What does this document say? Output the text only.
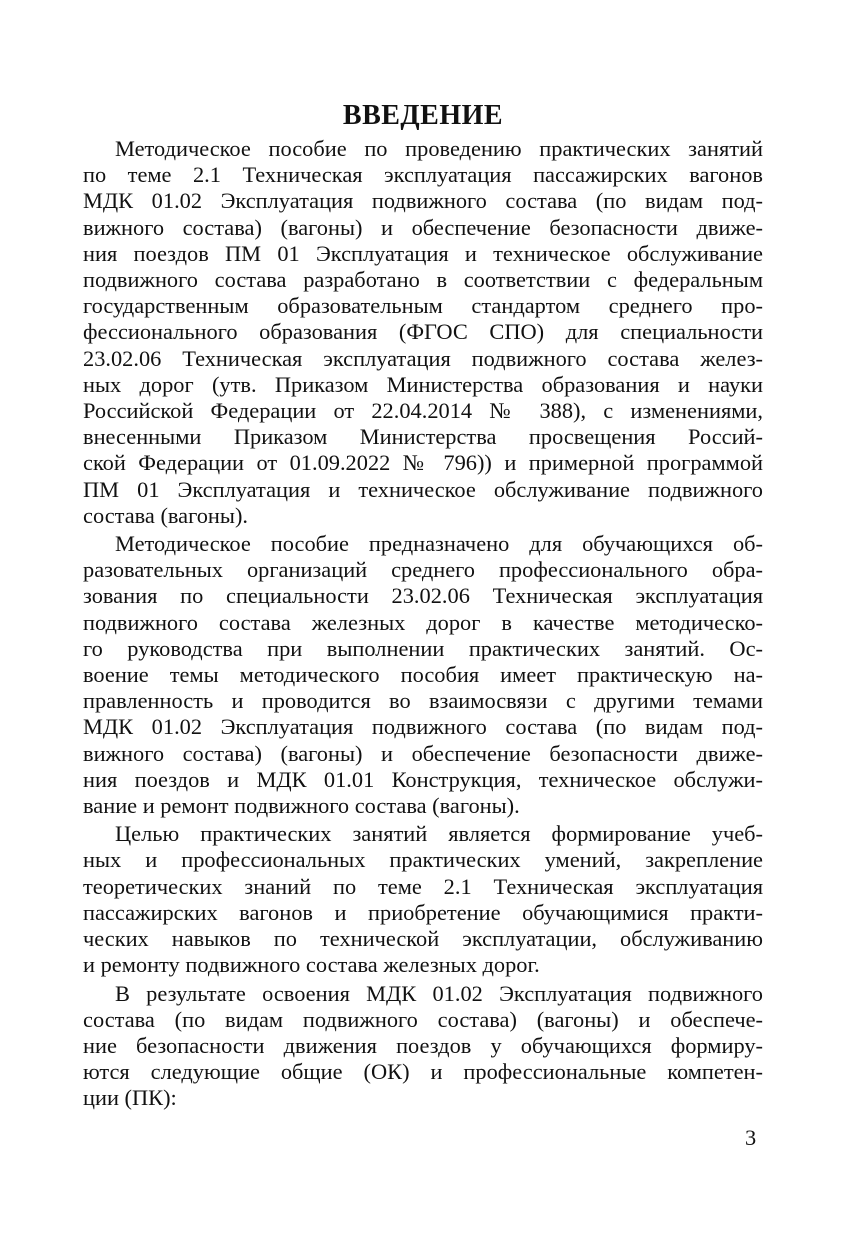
ВВЕДЕНИЕ
Методическое пособие по проведению практических занятий
по теме 2.1 Техническая эксплуатация пассажирских вагонов
МДК 01.02 Эксплуатация подвижного состава (по видам под-
вижного состава) (вагоны) и обеспечение безопасности движе-
ния поездов ПМ 01 Эксплуатация и техническое обслуживание
подвижного состава разработано в соответствии с федеральным
государственным образовательным стандартом среднего про-
фессионального образования (ФГОС СПО) для специальности
23.02.06 Техническая эксплуатация подвижного состава желез-
ных дорог (утв. Приказом Министерства образования и науки
Российской Федерации от 22.04.2014 № 388), с изменениями,
внесенными Приказом Министерства просвещения Россий-
ской Федерации от 01.09.2022 № 796)) и примерной программой
ПМ 01 Эксплуатация и техническое обслуживание подвижного
состава (вагоны).
Методическое пособие предназначено для обучающихся об-
разовательных организаций среднего профессионального обра-
зования по специальности 23.02.06 Техническая эксплуатация
подвижного состава железных дорог в качестве методическо-
го руководства при выполнении практических занятий. Ос-
воение темы методического пособия имеет практическую на-
правленность и проводится во взаимосвязи с другими темами
МДК 01.02 Эксплуатация подвижного состава (по видам под-
вижного состава) (вагоны) и обеспечение безопасности движе-
ния поездов и МДК 01.01 Конструкция, техническое обслужи-
вание и ремонт подвижного состава (вагоны).
Целью практических занятий является формирование учеб-
ных и профессиональных практических умений, закрепление
теоретических знаний по теме 2.1 Техническая эксплуатация
пассажирских вагонов и приобретение обучающимися практи-
ческих навыков по технической эксплуатации, обслуживанию
и ремонту подвижного состава железных дорог.
В результате освоения МДК 01.02 Эксплуатация подвижного
состава (по видам подвижного состава) (вагоны) и обеспече-
ние безопасности движения поездов у обучающихся формиру-
ются следующие общие (ОК) и профессиональные компетен-
ции (ПК):
3
